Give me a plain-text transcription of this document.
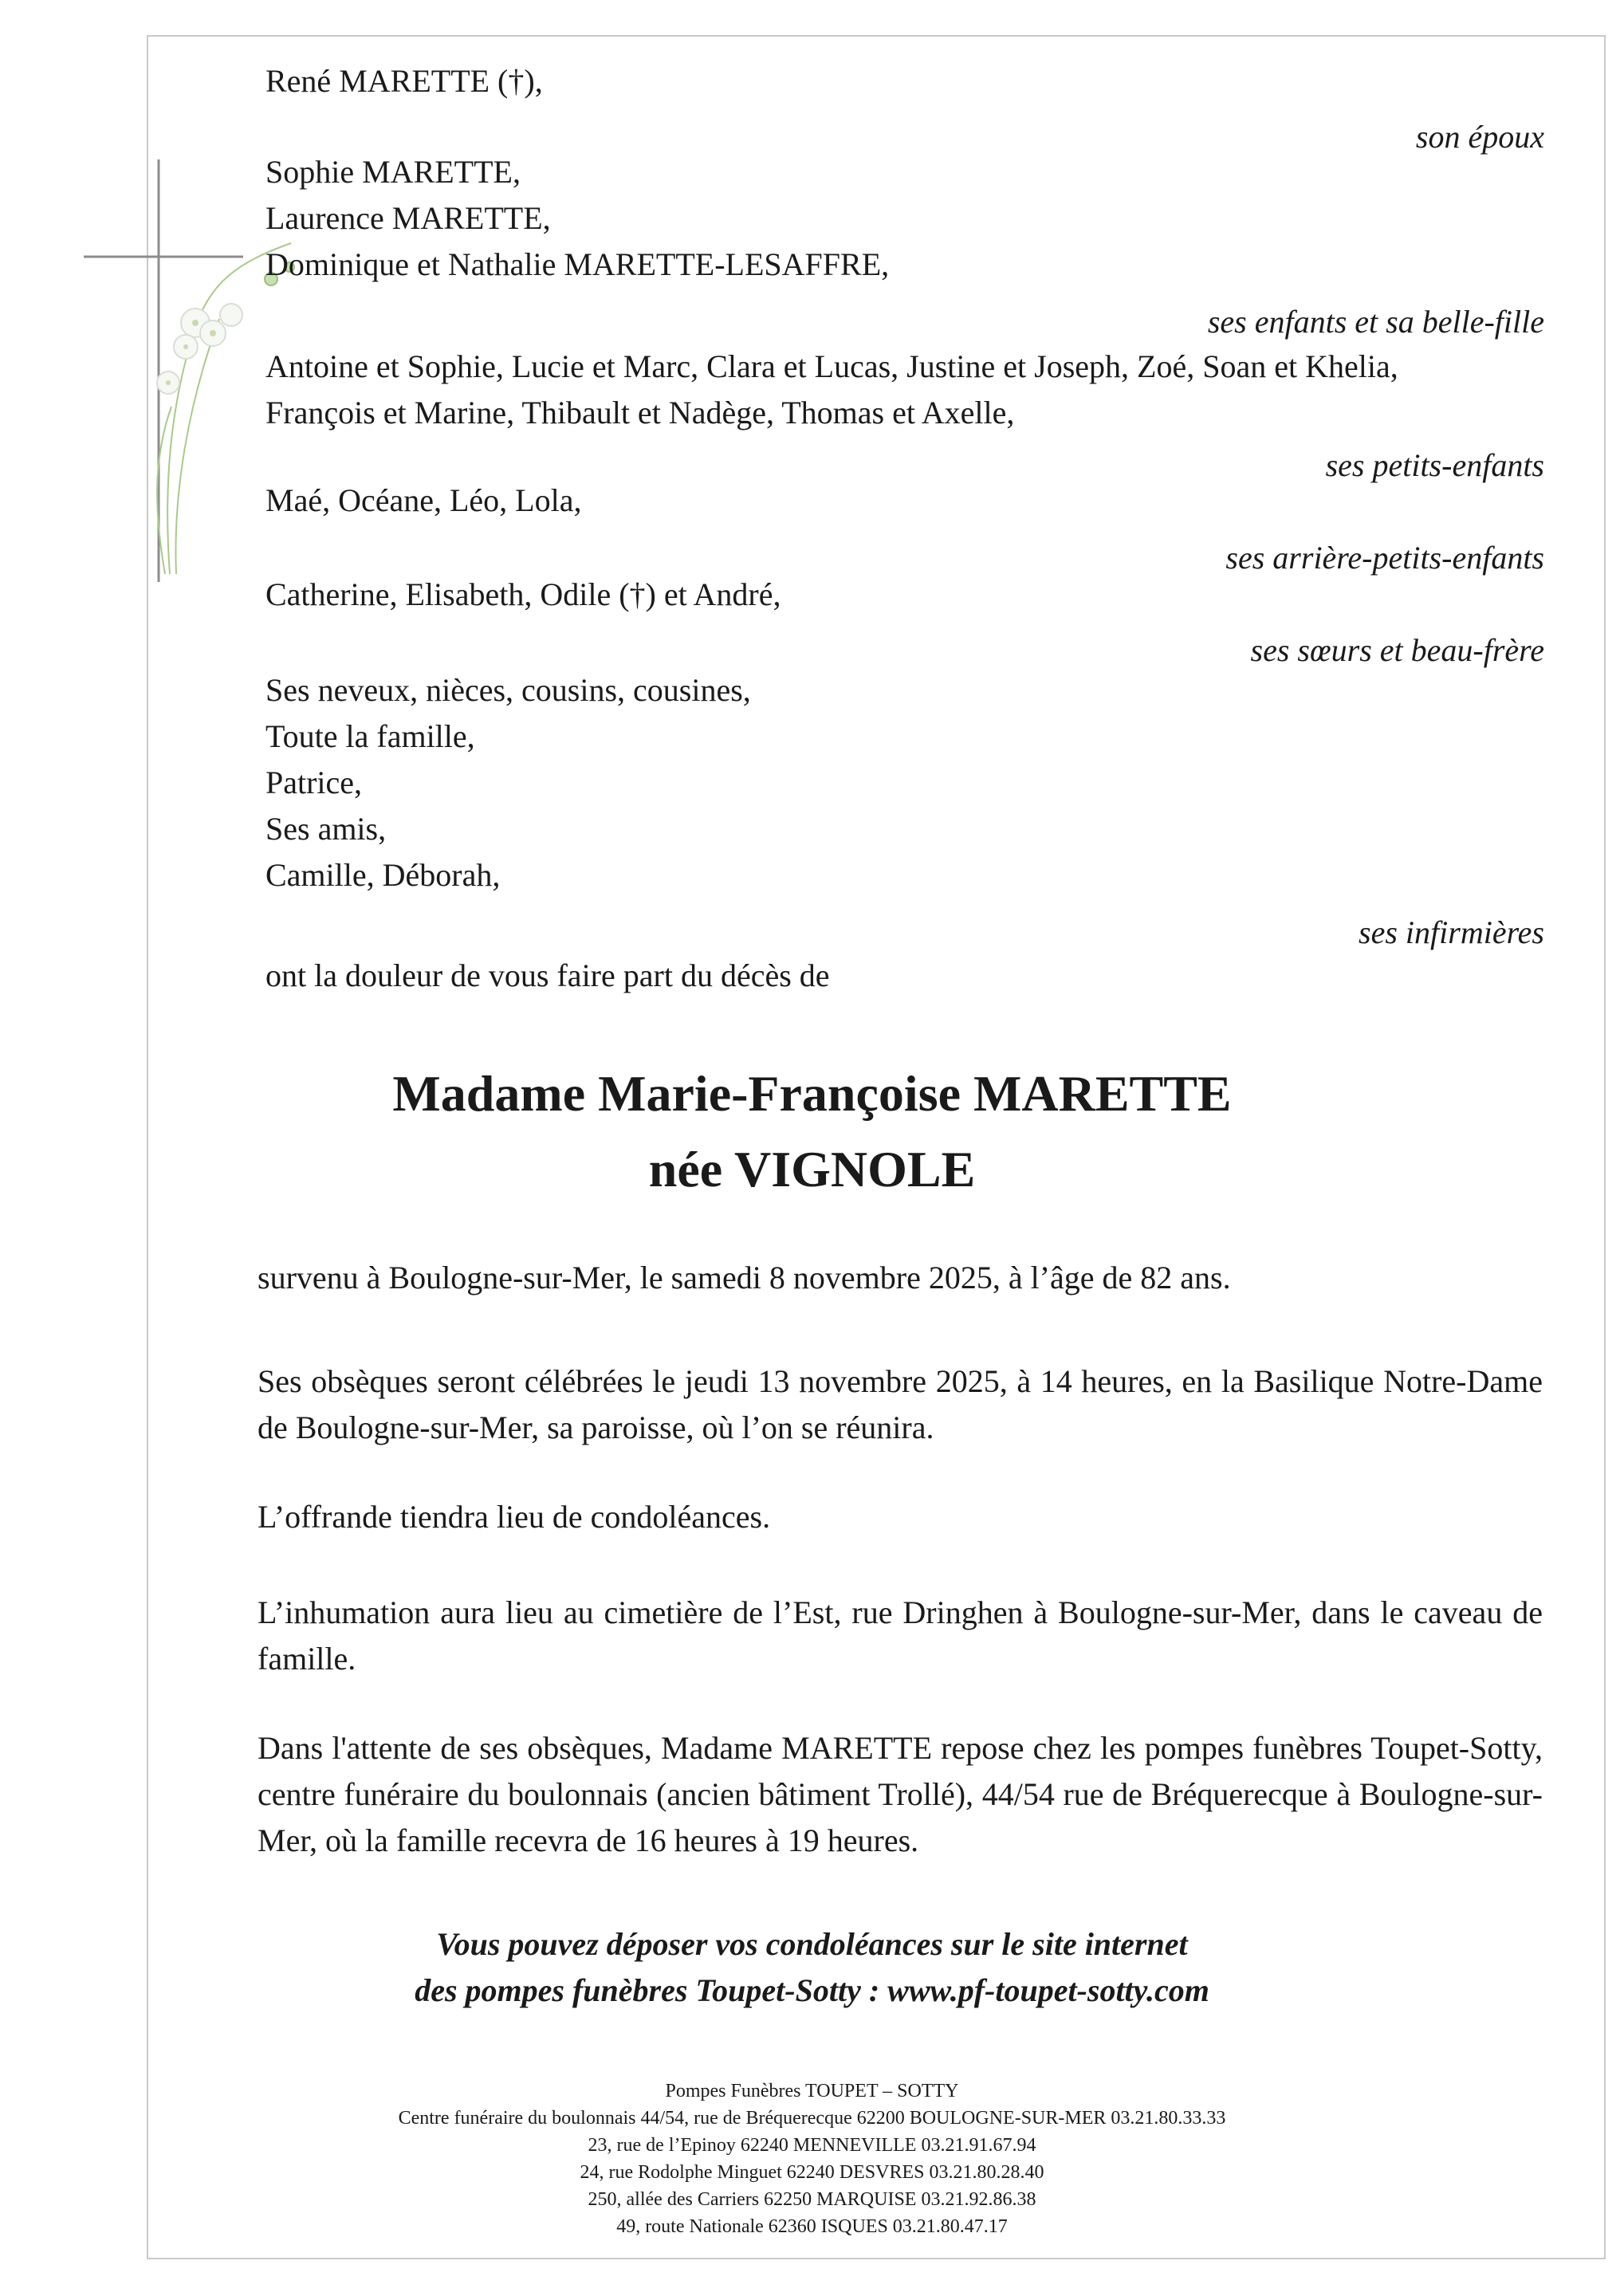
René MARETTE (†),
son époux
Sophie MARETTE,
Laurence MARETTE,
Dominique et Nathalie MARETTE-LESAFFRE,
ses enfants et sa belle-fille
Antoine et Sophie, Lucie et Marc, Clara et Lucas, Justine et Joseph, Zoé, Soan et Khelia,
François et Marine, Thibault et Nadège, Thomas et Axelle,
ses petits-enfants
Maé, Océane, Léo, Lola,
ses arrière-petits-enfants
Catherine, Elisabeth, Odile (†) et André,
ses sœurs et beau-frère
Ses neveux, nièces, cousins, cousines,
Toute la famille,
Patrice,
Ses amis,
Camille, Déborah,
ses infirmières
ont la douleur de vous faire part du décès de
Madame Marie-Françoise MARETTE
née VIGNOLE
survenu à Boulogne-sur-Mer, le samedi 8 novembre 2025, à l’âge de 82 ans.
Ses obsèques seront célébrées le jeudi 13 novembre 2025, à 14 heures, en la Basilique Notre-Dame de Boulogne-sur-Mer, sa paroisse, où l’on se réunira.
L’offrande tiendra lieu de condoléances.
L’inhumation aura lieu au cimetière de l’Est, rue Dringhen à Boulogne-sur-Mer, dans le caveau de famille.
Dans l'attente de ses obsèques, Madame MARETTE repose chez les pompes funèbres Toupet-Sotty, centre funéraire du boulonnais (ancien bâtiment Trollé), 44/54 rue de Bréquerecque à Boulogne-sur-Mer, où la famille recevra de 16 heures à 19 heures.
Vous pouvez déposer vos condoléances sur le site internet
des pompes funèbres Toupet-Sotty : www.pf-toupet-sotty.com
Pompes Funèbres TOUPET – SOTTY
Centre funéraire du boulonnais 44/54, rue de Bréquerecque 62200 BOULOGNE-SUR-MER 03.21.80.33.33
23, rue de l’Epinoy 62240 MENNEVILLE 03.21.91.67.94
24, rue Rodolphe Minguet 62240 DESVRES 03.21.80.28.40
250, allée des Carriers 62250 MARQUISE 03.21.92.86.38
49, route Nationale 62360 ISQUES 03.21.80.47.17
